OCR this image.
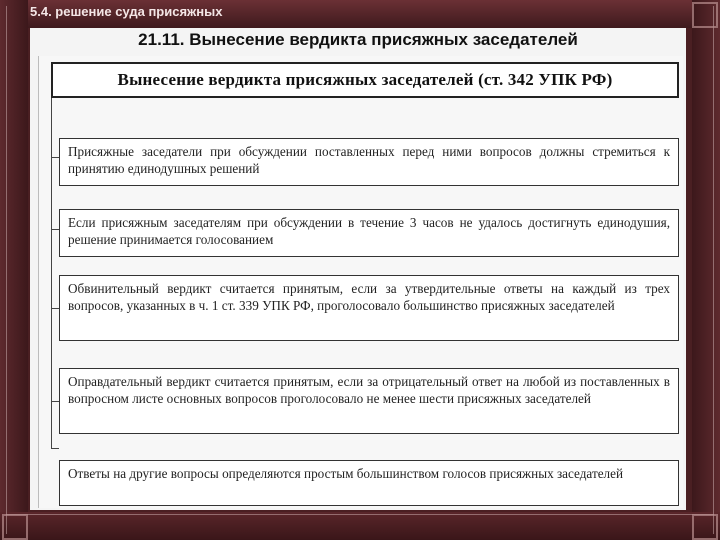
5.4. решение суда присяжных
21.11. Вынесение вердикта присяжных заседателей
Вынесение вердикта присяжных заседателей (ст. 342 УПК РФ)
Присяжные заседатели при обсуждении поставленных перед ними вопросов должны стремиться к принятию единодушных решений
Если присяжным заседателям при обсуждении в течение 3 часов не удалось достигнуть единодушия, решение принимается голосованием
Обвинительный вердикт считается принятым, если за утвердительные ответы на каждый из трех вопросов, указанных в ч. 1 ст. 339 УПК РФ, проголосовало большинство присяжных заседателей
Оправдательный вердикт считается принятым, если за отрицательный ответ на любой из поставленных в вопросном листе основных вопросов проголосовало не менее шести присяжных заседателей
Ответы на другие вопросы определяются простым большинством голосов присяжных заседателей
